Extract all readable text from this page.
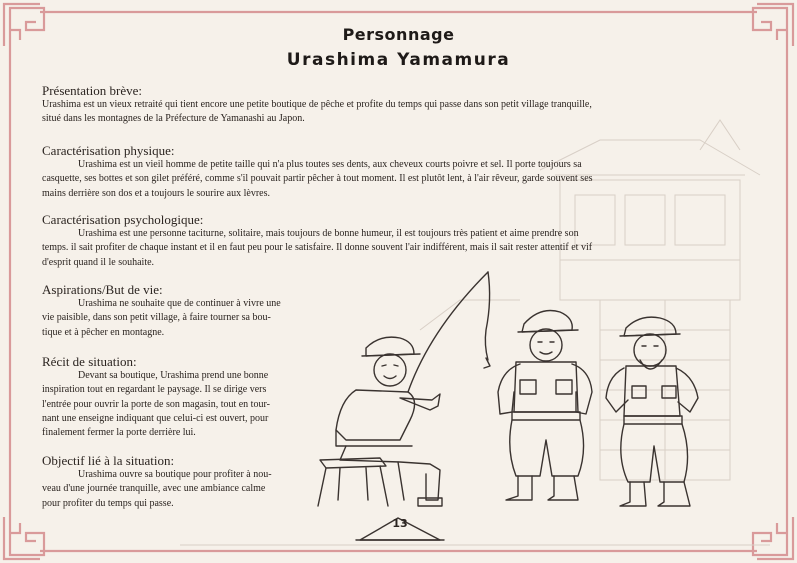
Personnage
Urashima Yamamura
Présentation brève:
Urashima est un vieux retraité qui tient encore une petite boutique de pêche et profite du temps qui passe dans son petit village tranquille,
situé dans les montagnes de la Préfecture de Yamanashi au Japon.
Caractérisation physique:
Urashima est un vieil homme de petite taille qui n'a plus toutes ses dents, aux cheveux courts poivre et sel. Il porte toujours sa
casquette, ses bottes et son gilet préféré, comme s'il pouvait partir pêcher à tout moment. Il est plutôt lent, à l'air rêveur, garde souvent ses
mains derrière son dos et a toujours le sourire aux lèvres.
Caractérisation psychologique:
Urashima est une personne taciturne, solitaire, mais toujours de bonne humeur, il est toujours très patient et aime prendre son
temps. il sait profiter de chaque instant et il en faut peu pour le satisfaire. Il donne souvent l'air indifférent, mais il sait rester attentif et vif
d'esprit quand il le souhaite.
Aspirations/But de vie:
Urashima ne souhaite que de continuer à vivre une
vie paisible, dans son petit village, à faire tourner sa bou-
tique et à pêcher en montagne.
Récit de situation:
Devant sa boutique, Urashima prend une bonne
inspiration tout en regardant le paysage. Il se dirige vers
l'entrée pour ouvrir la porte de son magasin, tout en tour-
nant une enseigne indiquant que celui-ci est ouvert, pour
finalement fermer la porte derrière lui.
Objectif lié à la situation:
Urashima ouvre sa boutique pour profiter à nou-
veau d'une journée tranquille, avec une ambiance calme
pour profiter du temps qui passe.
13
